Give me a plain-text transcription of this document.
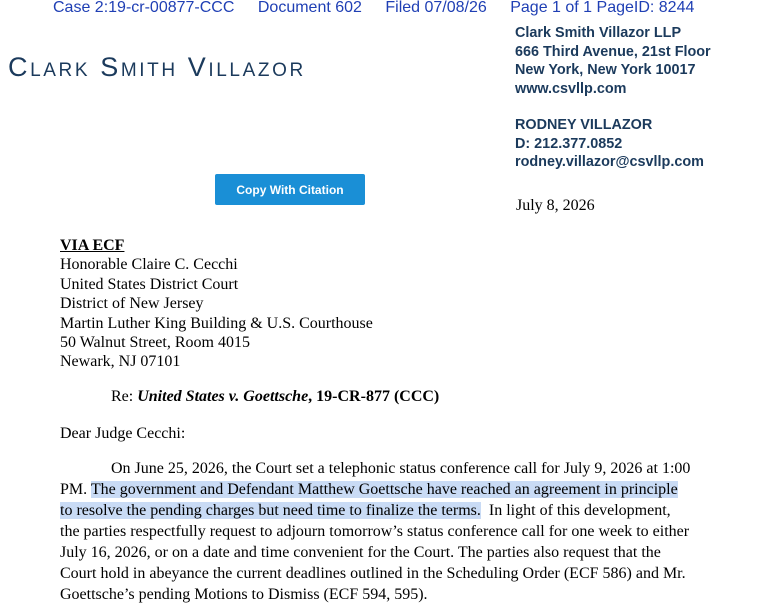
Case 2:19-cr-00877-CCC Document 602 Filed 07/08/26 Page 1 of 1 PageID: 8244
Clark Smith Villazor
Clark Smith Villazor LLP
666 Third Avenue, 21st Floor
New York, New York 10017
www.csvllp.com
RODNEY VILLAZOR
D: 212.377.0852
rodney.villazor@csvllp.com
Copy With Citation
July 8, 2026
VIA ECF
Honorable Claire C. Cecchi
United States District Court
District of New Jersey
Martin Luther King Building & U.S. Courthouse
50 Walnut Street, Room 4015
Newark, NJ 07101
Re: United States v. Goettsche, 19-CR-877 (CCC)
Dear Judge Cecchi:
On June 25, 2026, the Court set a telephonic status conference call for July 9, 2026 at 1:00
PM. The government and Defendant Matthew Goettsche have reached an agreement in principle
to resolve the pending charges but need time to finalize the terms.  In light of this development,
the parties respectfully request to adjourn tomorrow’s status conference call for one week to either
July 16, 2026, or on a date and time convenient for the Court. The parties also request that the
Court hold in abeyance the current deadlines outlined in the Scheduling Order (ECF 586) and Mr.
Goettsche’s pending Motions to Dismiss (ECF 594, 595).
